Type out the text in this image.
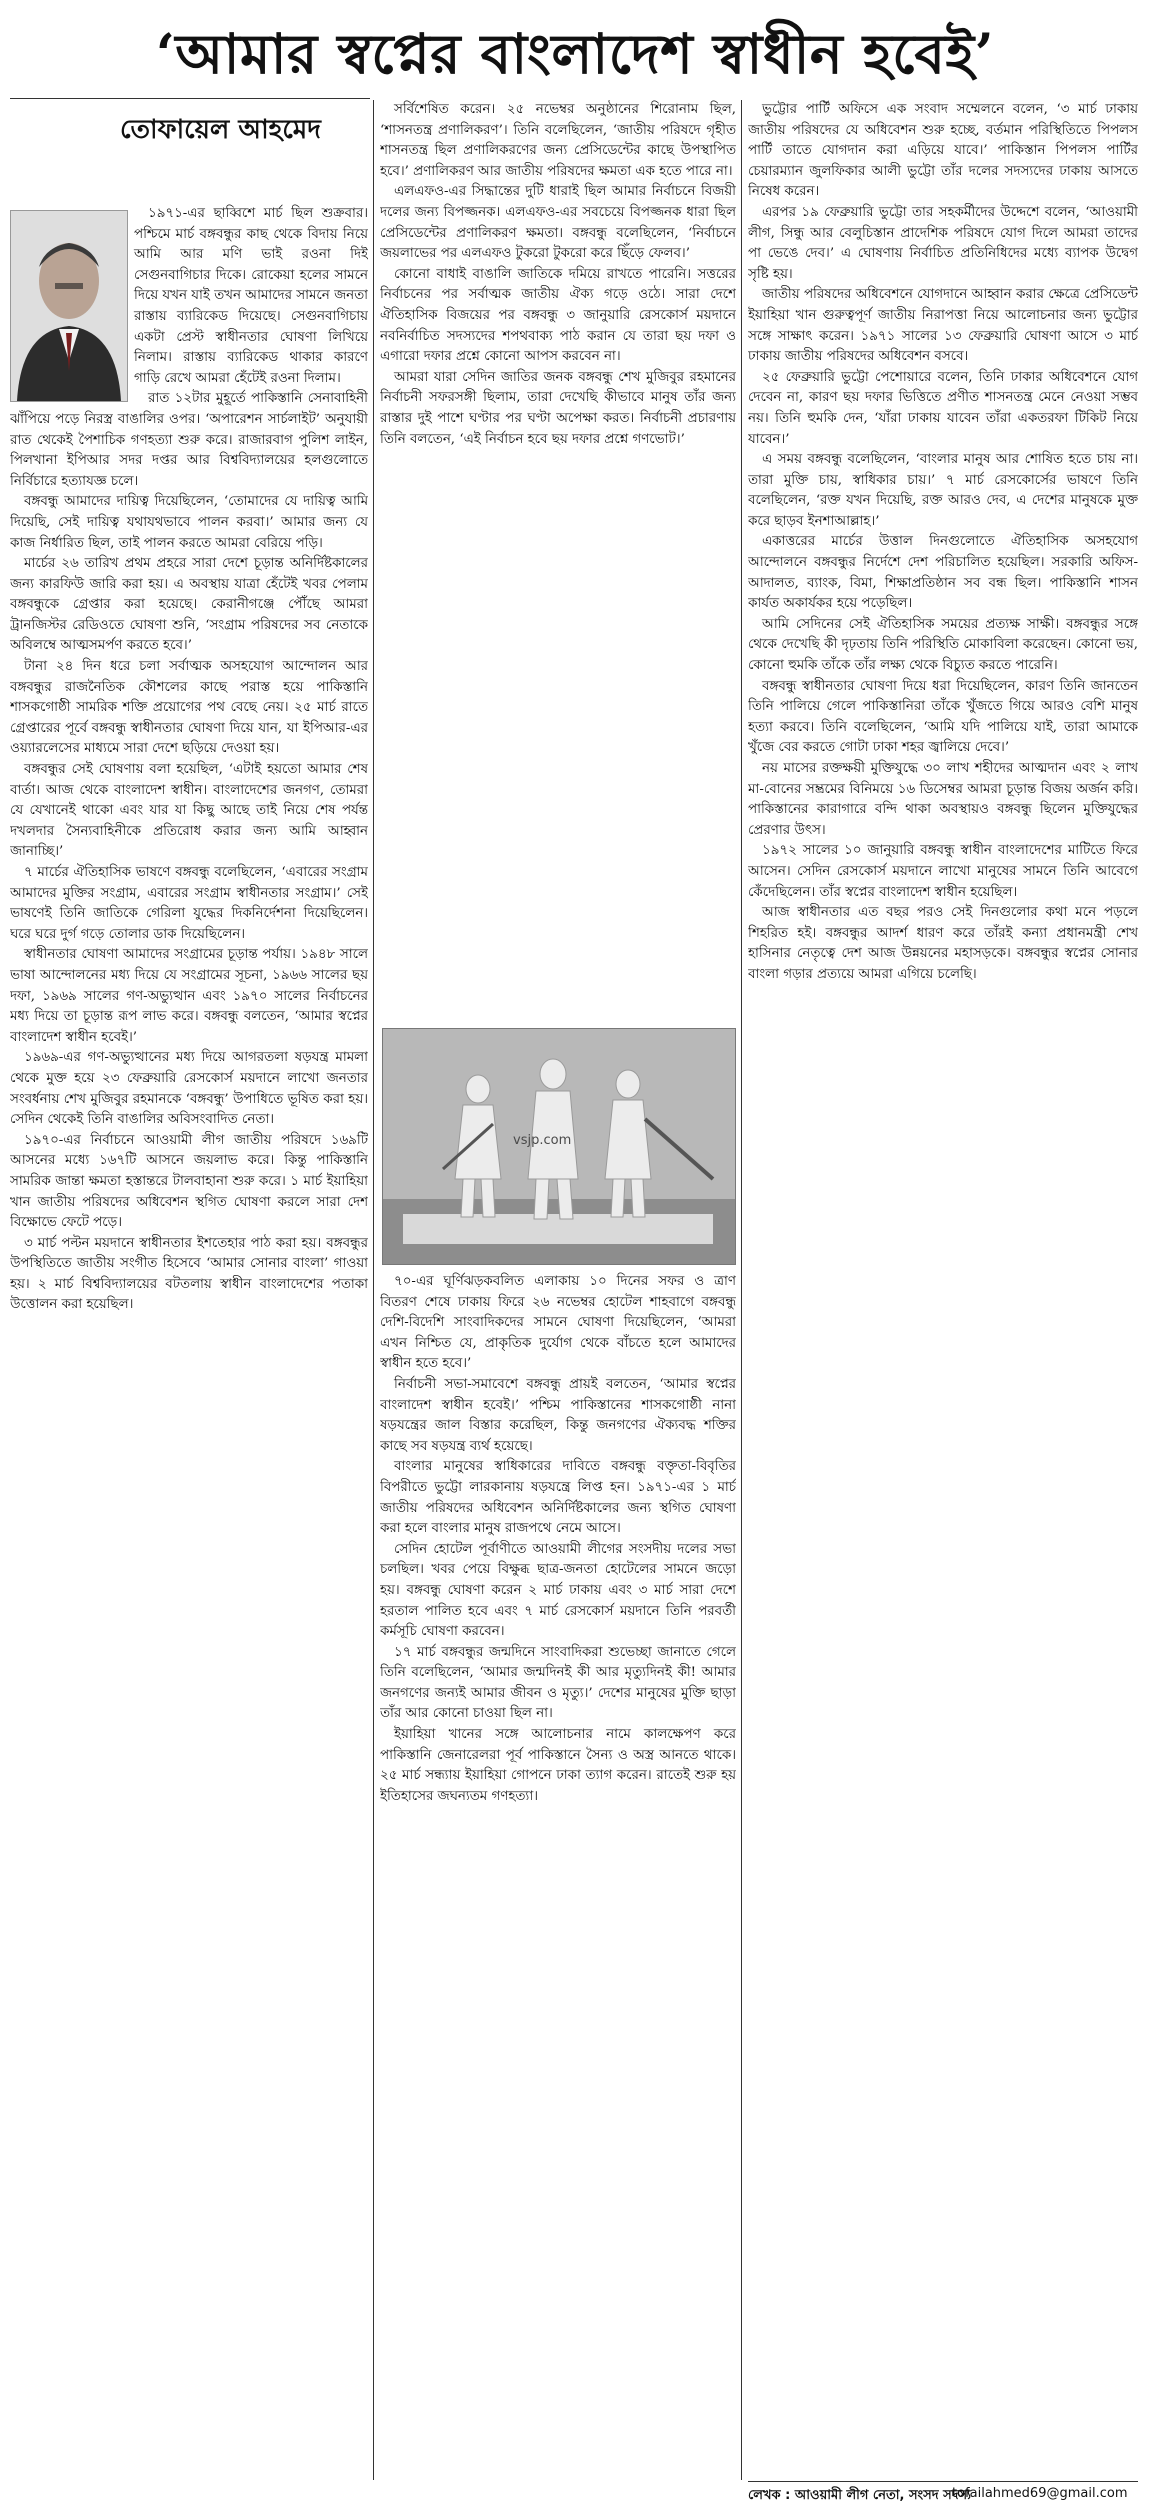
‘আমার স্বপ্নের বাংলাদেশ স্বাধীন হবেই’
তোফায়েল আহমেদ

১৯৭১-এর ছাব্বিশে মার্চ ছিল শুক্রবার। পশ্চিমে মার্চ বঙ্গবন্ধুর কাছ থেকে বিদায় নিয়ে আমি আর মণি ভাই রওনা দিই সেগুনবাগিচার দিকে। রোকেয়া হলের সামনে দিয়ে যখন যাই তখন আমাদের সামনে জনতা রাস্তায় ব্যারিকেড দিয়েছে। সেগুনবাগিচায় একটা প্রেস্ট স্বাধীনতার ঘোষণা লিখিয়ে নিলাম। রাস্তায় ব্যারিকেড থাকার কারণে গাড়ি রেখে আমরা হেঁটেই রওনা দিলাম।

রাত ১২টার মুহূর্তে পাকিস্তানি সেনাবাহিনী ঝাঁপিয়ে পড়ে নিরস্ত্র বাঙালির ওপর। ‘অপারেশন সার্চলাইট’ অনুযায়ী রাত থেকেই পৈশাচিক গণহত্যা শুরু করে। রাজারবাগ পুলিশ লাইন, পিলখানা ইপিআর সদর দপ্তর আর বিশ্ববিদ্যালয়ের হলগুলোতে নির্বিচারে হত্যাযজ্ঞ চলে।

বঙ্গবন্ধু আমাদের দায়িত্ব দিয়েছিলেন, ‘তোমাদের যে দায়িত্ব আমি দিয়েছি, সেই দায়িত্ব যথাযথভাবে পালন করবা।’ আমার জন্য যে কাজ নির্ধারিত ছিল, তাই পালন করতে আমরা বেরিয়ে পড়ি।

মার্চের ২৬ তারিখ প্রথম প্রহরে সারা দেশে চূড়ান্ত অনির্দিষ্টকালের জন্য কারফিউ জারি করা হয়। এ অবস্থায় যাত্রা হেঁটেই খবর পেলাম বঙ্গবন্ধুকে গ্রেপ্তার করা হয়েছে। কেরানীগঞ্জে পৌঁছে আমরা ট্রানজিস্টর রেডিওতে ঘোষণা শুনি, ‘সংগ্রাম পরিষদের সব নেতাকে অবিলম্বে আত্মসমর্পণ করতে হবে।’

টানা ২৪ দিন ধরে চলা সর্বাত্মক অসহযোগ আন্দোলন আর বঙ্গবন্ধুর রাজনৈতিক কৌশলের কাছে পরাস্ত হয়ে পাকিস্তানি শাসকগোষ্ঠী সামরিক শক্তি প্রয়োগের পথ বেছে নেয়। ২৫ মার্চ রাতে গ্রেপ্তারের পূর্বে বঙ্গবন্ধু স্বাধীনতার ঘোষণা দিয়ে যান, যা ইপিআর-এর ওয়্যারলেসের মাধ্যমে সারা দেশে ছড়িয়ে দেওয়া হয়।

বঙ্গবন্ধুর সেই ঘোষণায় বলা হয়েছিল, ‘এটাই হয়তো আমার শেষ বার্তা। আজ থেকে বাংলাদেশ স্বাধীন। বাংলাদেশের জনগণ, তোমরা যে যেখানেই থাকো এবং যার যা কিছু আছে তাই নিয়ে শেষ পর্যন্ত দখলদার সৈন্যবাহিনীকে প্রতিরোধ করার জন্য আমি আহ্বান জানাচ্ছি।’

৭ মার্চের ঐতিহাসিক ভাষণে বঙ্গবন্ধু বলেছিলেন, ‘এবারের সংগ্রাম আমাদের মুক্তির সংগ্রাম, এবারের সংগ্রাম স্বাধীনতার সংগ্রাম।’ সেই ভাষণেই তিনি জাতিকে গেরিলা যুদ্ধের দিকনির্দেশনা দিয়েছিলেন। ঘরে ঘরে দুর্গ গড়ে তোলার ডাক দিয়েছিলেন।

স্বাধীনতার ঘোষণা আমাদের সংগ্রামের চূড়ান্ত পর্যায়। ১৯৪৮ সালে ভাষা আন্দোলনের মধ্য দিয়ে যে সংগ্রামের সূচনা, ১৯৬৬ সালের ছয় দফা, ১৯৬৯ সালের গণ-অভ্যুত্থান এবং ১৯৭০ সালের নির্বাচনের মধ্য দিয়ে তা চূড়ান্ত রূপ লাভ করে। বঙ্গবন্ধু বলতেন, ‘আমার স্বপ্নের বাংলাদেশ স্বাধীন হবেই।’

১৯৬৯-এর গণ-অভ্যুত্থানের মধ্য দিয়ে আগরতলা ষড়যন্ত্র মামলা থেকে মুক্ত হয়ে ২৩ ফেব্রুয়ারি রেসকোর্স ময়দানে লাখো জনতার সংবর্ধনায় শেখ মুজিবুর রহমানকে ‘বঙ্গবন্ধু’ উপাধিতে ভূষিত করা হয়। সেদিন থেকেই তিনি বাঙালির অবিসংবাদিত নেতা।

১৯৭০-এর নির্বাচনে আওয়ামী লীগ জাতীয় পরিষদে ১৬৯টি আসনের মধ্যে ১৬৭টি আসনে জয়লাভ করে। কিন্তু পাকিস্তানি সামরিক জান্তা ক্ষমতা হস্তান্তরে টালবাহানা শুরু করে। ১ মার্চ ইয়াহিয়া খান জাতীয় পরিষদের অধিবেশন স্থগিত ঘোষণা করলে সারা দেশ বিক্ষোভে ফেটে পড়ে।

৩ মার্চ পল্টন ময়দানে স্বাধীনতার ইশতেহার পাঠ করা হয়। বঙ্গবন্ধুর উপস্থিতিতে জাতীয় সংগীত হিসেবে ‘আমার সোনার বাংলা’ গাওয়া হয়। ২ মার্চ বিশ্ববিদ্যালয়ের বটতলায় স্বাধীন বাংলাদেশের পতাকা উত্তোলন করা হয়েছিল।

সর্বিশেষিত করেন। ২৫ নভেম্বর অনুষ্ঠানের শিরোনাম ছিল, ‘শাসনতন্ত্র প্রণালিকরণ’। তিনি বলেছিলেন, ‘জাতীয় পরিষদে গৃহীত শাসনতন্ত্র ছিল প্রণালিকরণের জন্য প্রেসিডেন্টের কাছে উপস্থাপিত হবে।’ প্রণালিকরণ আর জাতীয় পরিষদের ক্ষমতা এক হতে পারে না।

এলএফও-এর সিদ্ধান্তের দুটি ধারাই ছিল আমার নির্বাচনে বিজয়ী দলের জন্য বিপজ্জনক। এলএফও-এর সবচেয়ে বিপজ্জনক ধারা ছিল প্রেসিডেন্টের প্রণালিকরণ ক্ষমতা। বঙ্গবন্ধু বলেছিলেন, ‘নির্বাচনে জয়লাভের পর এলএফও টুকরো টুকরো করে ছিঁড়ে ফেলব।’

কোনো বাধাই বাঙালি জাতিকে দমিয়ে রাখতে পারেনি। সত্তরের নির্বাচনের পর সর্বাত্মক জাতীয় ঐক্য গড়ে ওঠে। সারা দেশে ঐতিহাসিক বিজয়ের পর বঙ্গবন্ধু ৩ জানুয়ারি রেসকোর্স ময়দানে নবনির্বাচিত সদস্যদের শপথবাক্য পাঠ করান যে তারা ছয় দফা ও এগারো দফার প্রশ্নে কোনো আপস করবেন না।

আমরা যারা সেদিন জাতির জনক বঙ্গবন্ধু শেখ মুজিবুর রহমানের নির্বাচনী সফরসঙ্গী ছিলাম, তারা দেখেছি কীভাবে মানুষ তাঁর জন্য রাস্তার দুই পাশে ঘণ্টার পর ঘণ্টা অপেক্ষা করত। নির্বাচনী প্রচারণায় তিনি বলতেন, ‘এই নির্বাচন হবে ছয় দফার প্রশ্নে গণভোট।’

vsjp.com

৭০-এর ঘূর্ণিঝড়কবলিত এলাকায় ১০ দিনের সফর ও ত্রাণ বিতরণ শেষে ঢাকায় ফিরে ২৬ নভেম্বর হোটেল শাহবাগে বঙ্গবন্ধু দেশি-বিদেশি সাংবাদিকদের সামনে ঘোষণা দিয়েছিলেন, ‘আমরা এখন নিশ্চিত যে, প্রাকৃতিক দুর্যোগ থেকে বাঁচতে হলে আমাদের স্বাধীন হতে হবে।’

নির্বাচনী সভা-সমাবেশে বঙ্গবন্ধু প্রায়ই বলতেন, ‘আমার স্বপ্নের বাংলাদেশ স্বাধীন হবেই।’ পশ্চিম পাকিস্তানের শাসকগোষ্ঠী নানা ষড়যন্ত্রের জাল বিস্তার করেছিল, কিন্তু জনগণের ঐক্যবদ্ধ শক্তির কাছে সব ষড়যন্ত্র ব্যর্থ হয়েছে।

বাংলার মানুষের স্বাধিকারের দাবিতে বঙ্গবন্ধু বক্তৃতা-বিবৃতির বিপরীতে ভুট্টো লারকানায় ষড়যন্ত্রে লিপ্ত হন। ১৯৭১-এর ১ মার্চ জাতীয় পরিষদের অধিবেশন অনির্দিষ্টকালের জন্য স্থগিত ঘোষণা করা হলে বাংলার মানুষ রাজপথে নেমে আসে।

সেদিন হোটেল পূর্বাণীতে আওয়ামী লীগের সংসদীয় দলের সভা চলছিল। খবর পেয়ে বিক্ষুব্ধ ছাত্র-জনতা হোটেলের সামনে জড়ো হয়। বঙ্গবন্ধু ঘোষণা করেন ২ মার্চ ঢাকায় এবং ৩ মার্চ সারা দেশে হরতাল পালিত হবে এবং ৭ মার্চ রেসকোর্স ময়দানে তিনি পরবর্তী কর্মসূচি ঘোষণা করবেন।

১৭ মার্চ বঙ্গবন্ধুর জন্মদিনে সাংবাদিকরা শুভেচ্ছা জানাতে গেলে তিনি বলেছিলেন, ‘আমার জন্মদিনই কী আর মৃত্যুদিনই কী! আমার জনগণের জন্যই আমার জীবন ও মৃত্যু।’ দেশের মানুষের মুক্তি ছাড়া তাঁর আর কোনো চাওয়া ছিল না।

ইয়াহিয়া খানের সঙ্গে আলোচনার নামে কালক্ষেপণ করে পাকিস্তানি জেনারেলরা পূর্ব পাকিস্তানে সৈন্য ও অস্ত্র আনতে থাকে। ২৫ মার্চ সন্ধ্যায় ইয়াহিয়া গোপনে ঢাকা ত্যাগ করেন। রাতেই শুরু হয় ইতিহাসের জঘন্যতম গণহত্যা।

ভুট্টোর পার্টি অফিসে এক সংবাদ সম্মেলনে বলেন, ‘৩ মার্চ ঢাকায় জাতীয় পরিষদের যে অধিবেশন শুরু হচ্ছে, বর্তমান পরিস্থিতিতে পিপলস পার্টি তাতে যোগদান করা এড়িয়ে যাবে।’ পাকিস্তান পিপলস পার্টির চেয়ারম্যান জুলফিকার আলী ভুট্টো তাঁর দলের সদস্যদের ঢাকায় আসতে নিষেধ করেন।

এরপর ১৯ ফেব্রুয়ারি ভুট্টো তার সহকর্মীদের উদ্দেশে বলেন, ‘আওয়ামী লীগ, সিন্ধু আর বেলুচিস্তান প্রাদেশিক পরিষদে যোগ দিলে আমরা তাদের পা ভেঙে দেব।’ এ ঘোষণায় নির্বাচিত প্রতিনিধিদের মধ্যে ব্যাপক উদ্বেগ সৃষ্টি হয়।

জাতীয় পরিষদের অধিবেশনে যোগদানে আহ্বান করার ক্ষেত্রে প্রেসিডেন্ট ইয়াহিয়া খান গুরুত্বপূর্ণ জাতীয় নিরাপত্তা নিয়ে আলোচনার জন্য ভুট্টোর সঙ্গে সাক্ষাৎ করেন। ১৯৭১ সালের ১৩ ফেব্রুয়ারি ঘোষণা আসে ৩ মার্চ ঢাকায় জাতীয় পরিষদের অধিবেশন বসবে।

২৫ ফেব্রুয়ারি ভুট্টো পেশোয়ারে বলেন, তিনি ঢাকার অধিবেশনে যোগ দেবেন না, কারণ ছয় দফার ভিত্তিতে প্রণীত শাসনতন্ত্র মেনে নেওয়া সম্ভব নয়। তিনি হুমকি দেন, ‘যাঁরা ঢাকায় যাবেন তাঁরা একতরফা টিকিট নিয়ে যাবেন।’

এ সময় বঙ্গবন্ধু বলেছিলেন, ‘বাংলার মানুষ আর শোষিত হতে চায় না। তারা মুক্তি চায়, স্বাধিকার চায়।’ ৭ মার্চ রেসকোর্সের ভাষণে তিনি বলেছিলেন, ‘রক্ত যখন দিয়েছি, রক্ত আরও দেব, এ দেশের মানুষকে মুক্ত করে ছাড়ব ইনশাআল্লাহ।’

একাত্তরের মার্চের উত্তাল দিনগুলোতে ঐতিহাসিক অসহযোগ আন্দোলনে বঙ্গবন্ধুর নির্দেশে দেশ পরিচালিত হয়েছিল। সরকারি অফিস-আদালত, ব্যাংক, বিমা, শিক্ষাপ্রতিষ্ঠান সব বন্ধ ছিল। পাকিস্তানি শাসন কার্যত অকার্যকর হয়ে পড়েছিল।

আমি সেদিনের সেই ঐতিহাসিক সময়ের প্রত্যক্ষ সাক্ষী। বঙ্গবন্ধুর সঙ্গে থেকে দেখেছি কী দৃঢ়তায় তিনি পরিস্থিতি মোকাবিলা করেছেন। কোনো ভয়, কোনো হুমকি তাঁকে তাঁর লক্ষ্য থেকে বিচ্যুত করতে পারেনি।

বঙ্গবন্ধু স্বাধীনতার ঘোষণা দিয়ে ধরা দিয়েছিলেন, কারণ তিনি জানতেন তিনি পালিয়ে গেলে পাকিস্তানিরা তাঁকে খুঁজতে গিয়ে আরও বেশি মানুষ হত্যা করবে। তিনি বলেছিলেন, ‘আমি যদি পালিয়ে যাই, তারা আমাকে খুঁজে বের করতে গোটা ঢাকা শহর জ্বালিয়ে দেবে।’

নয় মাসের রক্তক্ষয়ী মুক্তিযুদ্ধে ৩০ লাখ শহীদের আত্মদান এবং ২ লাখ মা-বোনের সম্ভ্রমের বিনিময়ে ১৬ ডিসেম্বর আমরা চূড়ান্ত বিজয় অর্জন করি। পাকিস্তানের কারাগারে বন্দি থাকা অবস্থায়ও বঙ্গবন্ধু ছিলেন মুক্তিযুদ্ধের প্রেরণার উৎস।

১৯৭২ সালের ১০ জানুয়ারি বঙ্গবন্ধু স্বাধীন বাংলাদেশের মাটিতে ফিরে আসেন। সেদিন রেসকোর্স ময়দানে লাখো মানুষের সামনে তিনি আবেগে কেঁদেছিলেন। তাঁর স্বপ্নের বাংলাদেশ স্বাধীন হয়েছিল।

আজ স্বাধীনতার এত বছর পরও সেই দিনগুলোর কথা মনে পড়লে শিহরিত হই। বঙ্গবন্ধুর আদর্শ ধারণ করে তাঁরই কন্যা প্রধানমন্ত্রী শেখ হাসিনার নেতৃত্বে দেশ আজ উন্নয়নের মহাসড়কে। বঙ্গবন্ধুর স্বপ্নের সোনার বাংলা গড়ার প্রত্যয়ে আমরা এগিয়ে চলেছি।

লেখক : আওয়ামী লীগ নেতা, সংসদ সদস্য
tofailahmed69@gmail.com
